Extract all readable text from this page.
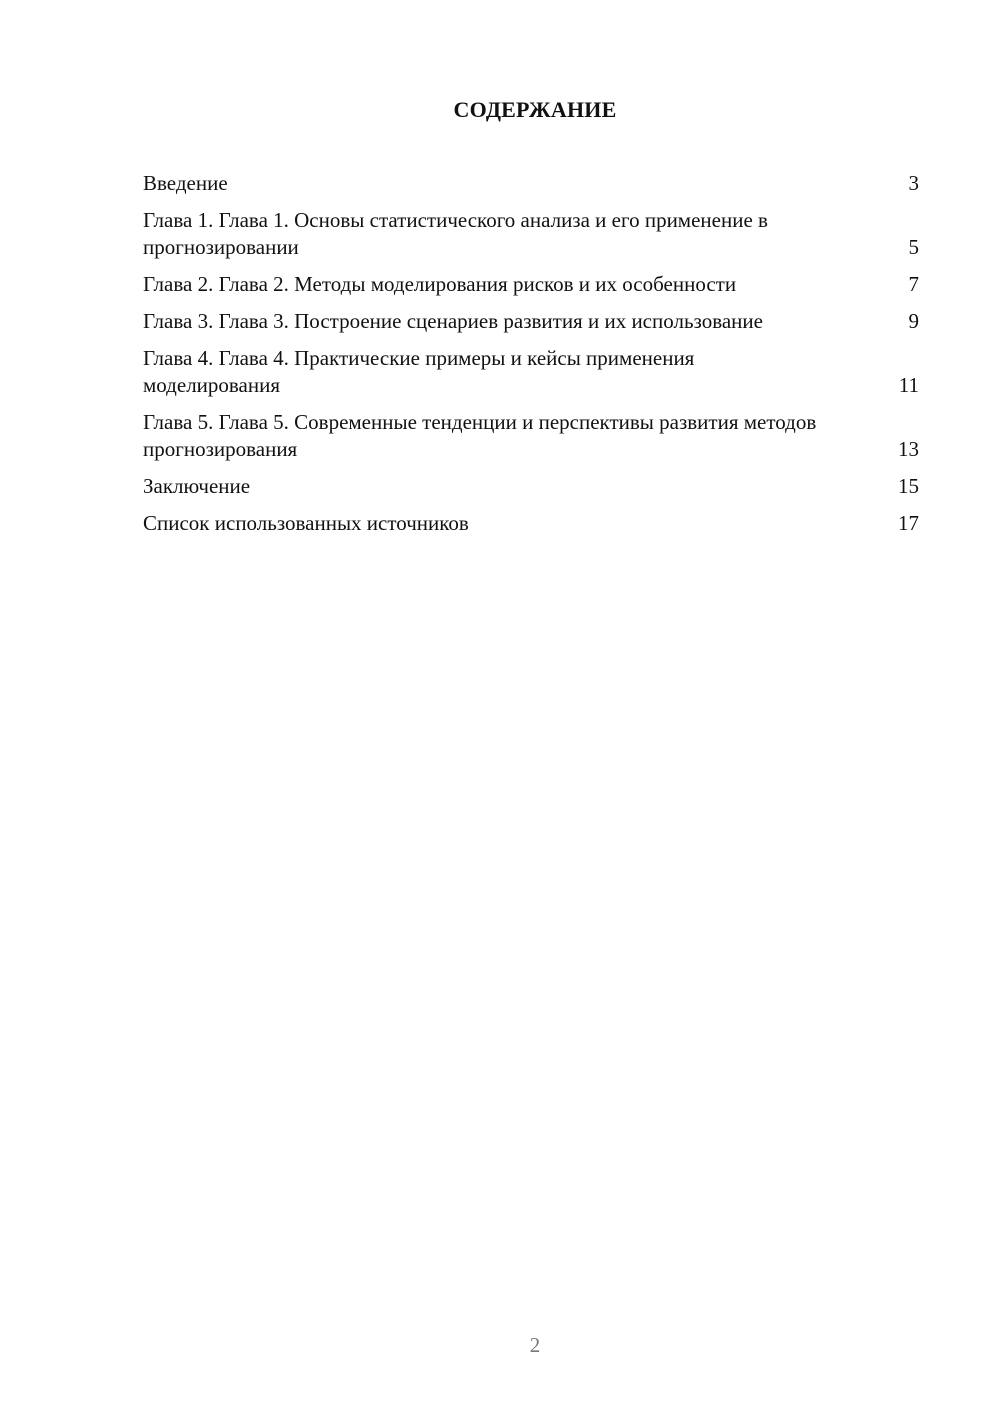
СОДЕРЖАНИЕ
Введение	3
Глава 1. Глава 1. Основы статистического анализа и его применение в прогнозировании	5
Глава 2. Глава 2. Методы моделирования рисков и их особенности	7
Глава 3. Глава 3. Построение сценариев развития и их использование	9
Глава 4. Глава 4. Практические примеры и кейсы применения моделирования	11
Глава 5. Глава 5. Современные тенденции и перспективы развития методов прогнозирования	13
Заключение	15
Список использованных источников	17
2
